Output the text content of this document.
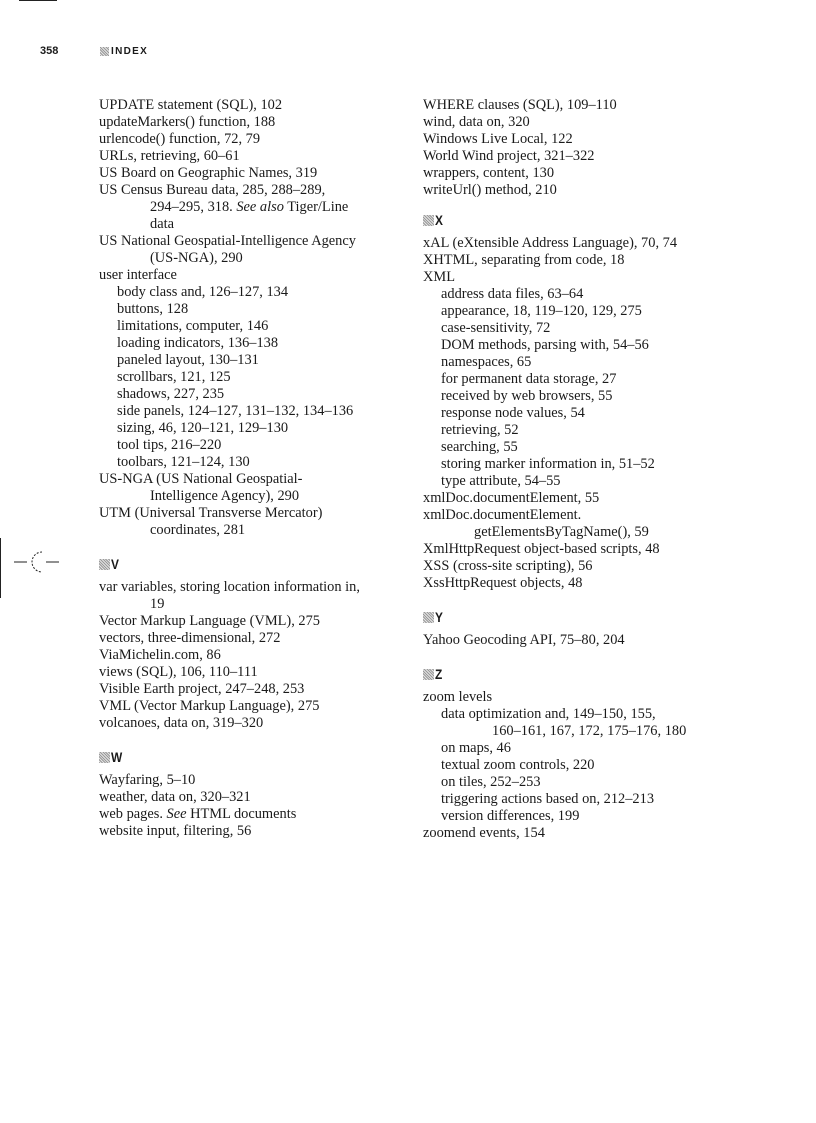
358	INDEX
UPDATE statement (SQL), 102
updateMarkers() function, 188
urlencode() function, 72, 79
URLs, retrieving, 60–61
US Board on Geographic Names, 319
US Census Bureau data, 285, 288–289,
294–295, 318. See also Tiger/Line
data
US National Geospatial-Intelligence Agency
(US-NGA), 290
user interface
body class and, 126–127, 134
buttons, 128
limitations, computer, 146
loading indicators, 136–138
paneled layout, 130–131
scrollbars, 121, 125
shadows, 227, 235
side panels, 124–127, 131–132, 134–136
sizing, 46, 120–121, 129–130
tool tips, 216–220
toolbars, 121–124, 130
US-NGA (US National Geospatial-
Intelligence Agency), 290
UTM (Universal Transverse Mercator)
coordinates, 281
V
var variables, storing location information in,
19
Vector Markup Language (VML), 275
vectors, three-dimensional, 272
ViaMichelin.com, 86
views (SQL), 106, 110–111
Visible Earth project, 247–248, 253
VML (Vector Markup Language), 275
volcanoes, data on, 319–320
W
Wayfaring, 5–10
weather, data on, 320–321
web pages. See HTML documents
website input, filtering, 56
WHERE clauses (SQL), 109–110
wind, data on, 320
Windows Live Local, 122
World Wind project, 321–322
wrappers, content, 130
writeUrl() method, 210
X
xAL (eXtensible Address Language), 70, 74
XHTML, separating from code, 18
XML
address data files, 63–64
appearance, 18, 119–120, 129, 275
case-sensitivity, 72
DOM methods, parsing with, 54–56
namespaces, 65
for permanent data storage, 27
received by web browsers, 55
response node values, 54
retrieving, 52
searching, 55
storing marker information in, 51–52
type attribute, 54–55
xmlDoc.documentElement, 55
xmlDoc.documentElement.
getElementsByTagName(), 59
XmlHttpRequest object-based scripts, 48
XSS (cross-site scripting), 56
XssHttpRequest objects, 48
Y
Yahoo Geocoding API, 75–80, 204
Z
zoom levels
data optimization and, 149–150, 155,
160–161, 167, 172, 175–176, 180
on maps, 46
textual zoom controls, 220
on tiles, 252–253
triggering actions based on, 212–213
version differences, 199
zoomend events, 154
